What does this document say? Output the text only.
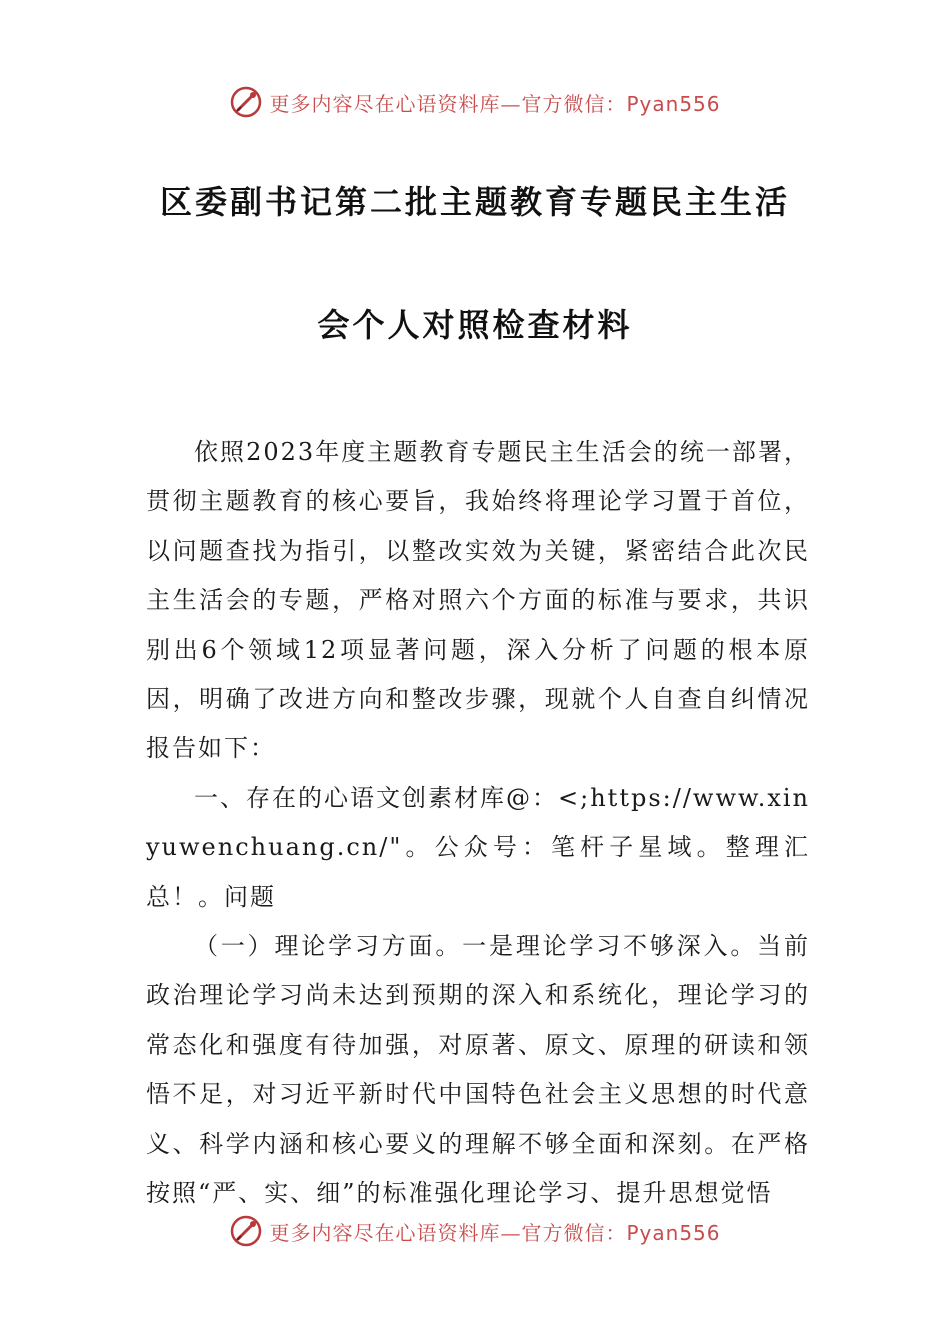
更多内容尽在心语资料库—官方微信：Pyan556
区委副书记第二批主题教育专题民主生活
会个人对照检查材料

依照2023年度主题教育专题民主生活会的统一部署，贯彻主题教育的核心要旨，我始终将理论学习置于首位，以问题查找为指引，以整改实效为关键，紧密结合此次民主生活会的专题，严格对照六个方面的标准与要求，共识别出6个领域12项显著问题，深入分析了问题的根本原因，明确了改进方向和整改步骤，现就个人自查自纠情况报告如下：

一、存在的心语文创素材库@：<;https://www.xinyuwenchuang.cn/"。公众号：笔杆子星域。整理汇总！。问题

（一）理论学习方面。一是理论学习不够深入。当前政治理论学习尚未达到预期的深入和系统化，理论学习的常态化和强度有待加强，对原著、原文、原理的研读和领悟不足，对习近平新时代中国特色社会主义思想的时代意义、科学内涵和核心要义的理解不够全面和深刻。在严格按照“严、实、细”的标准强化理论学习、提升思想觉悟

更多内容尽在心语资料库—官方微信：Pyan556
